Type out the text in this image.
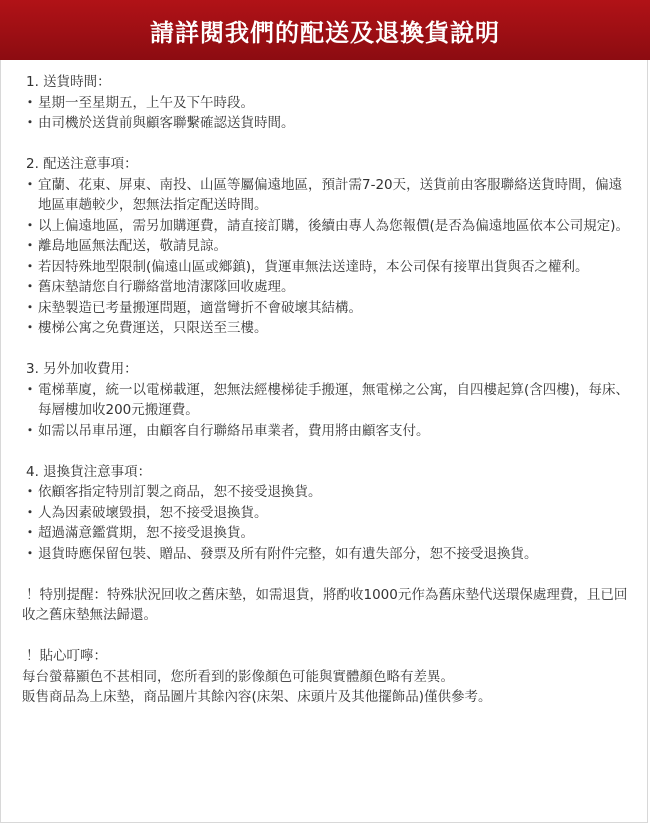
請詳閱我們的配送及退換貨說明
1. 送貨時間：
・ 星期一至星期五，上午及下午時段。
・ 由司機於送貨前與顧客聯繫確認送貨時間。
2. 配送注意事項：
・ 宜蘭、花東、屏東、南投、山區等屬偏遠地區，預計需7-20天，送貨前由客服聯絡送貨時間，偏遠地區車趟較少，恕無法指定配送時間。
・ 以上偏遠地區，需另加購運費，請直接訂購，後續由專人為您報價(是否為偏遠地區依本公司規定)。
・ 離島地區無法配送，敬請見諒。
・ 若因特殊地型限制(偏遠山區或鄉鎮)，貨運車無法送達時，本公司保有接單出貨與否之權利。
・ 舊床墊請您自行聯絡當地清潔隊回收處理。
・ 床墊製造已考量搬運問題，適當彎折不會破壞其結構。
・ 樓梯公寓之免費運送，只限送至三樓。
3. 另外加收費用：
・ 電梯華廈，統一以電梯載運，恕無法經樓梯徒手搬運，無電梯之公寓，自四樓起算(含四樓)，每床、每層樓加收200元搬運費。
・ 如需以吊車吊運，由顧客自行聯絡吊車業者，費用將由顧客支付。
4. 退換貨注意事項：
・ 依顧客指定特別訂製之商品，恕不接受退換貨。
・ 人為因素破壞毀損，恕不接受退換貨。
・ 超過滿意鑑賞期，恕不接受退換貨。
・ 退貨時應保留包裝、贈品、發票及所有附件完整，如有遺失部分，恕不接受退換貨。
！特別提醒：特殊狀況回收之舊床墊，如需退貨，將酌收1000元作為舊床墊代送環保處理費，且已回收之舊床墊無法歸還。
！貼心叮嚀：
每台螢幕顯色不甚相同，您所看到的影像顏色可能與實體顏色略有差異。
販售商品為上床墊，商品圖片其餘內容(床架、床頭片及其他擺飾品)僅供參考。
